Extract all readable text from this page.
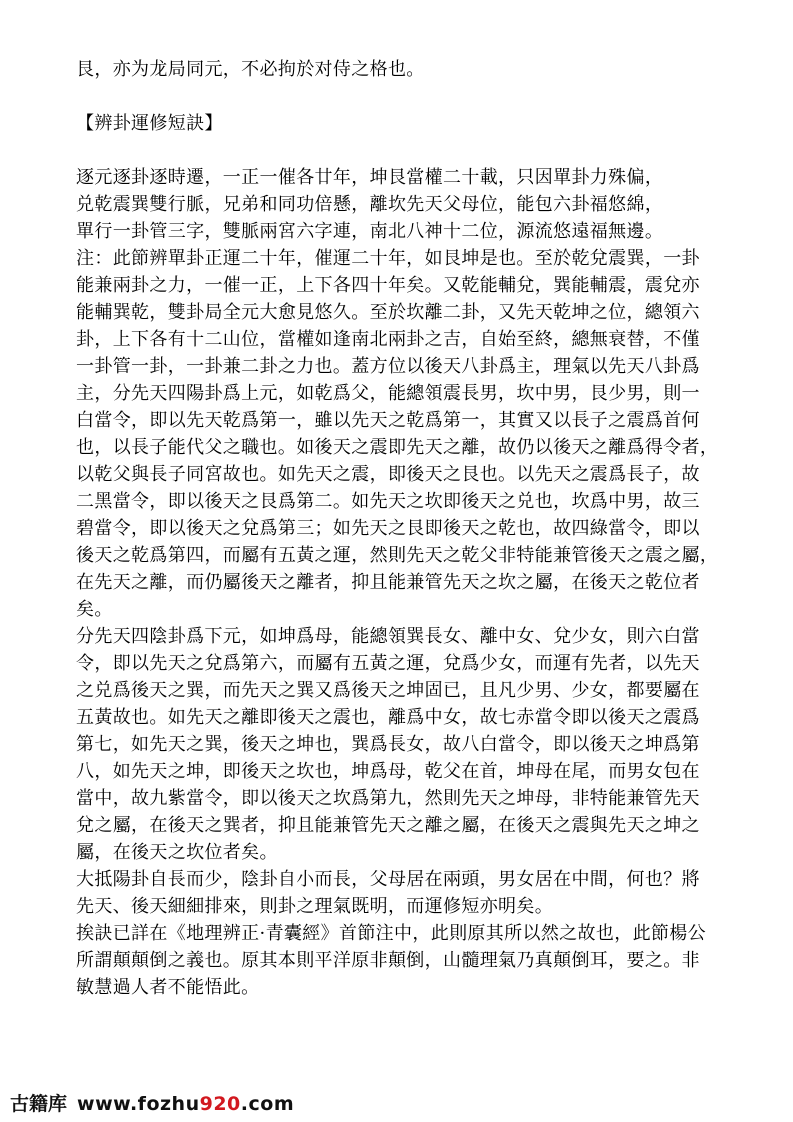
艮，亦为龙局同元，不必拘於对侍之格也。
【辨卦運修短訣】
逐元逐卦逐時遷，一正一催各廿年，坤艮當權二十載，只因單卦力殊偏，
兑乾震巽雙行脈，兄弟和同功倍懸，離坎先天父母位，能包六卦福悠綿，
單行一卦管三字，雙脈兩宮六字連，南北八神十二位，源流悠遠福無邊。
注：此節辨單卦正運二十年，催運二十年，如艮坤是也。至於乾兌震巽，一卦
能兼兩卦之力，一催一正，上下各四十年矣。又乾能輔兌，巽能輔震，震兌亦
能輔巽乾，雙卦局全元大愈見悠久。至於坎離二卦，又先天乾坤之位，總領六
卦，上下各有十二山位，當權如逢南北兩卦之吉，自始至終，總無衰替，不僅
一卦管一卦，一卦兼二卦之力也。蓋方位以後天八卦爲主，理氣以先天八卦爲
主，分先天四陽卦爲上元，如乾爲父，能總領震長男，坎中男，艮少男，則一
白當令，即以先天乾爲第一，雖以先天之乾爲第一，其實又以長子之震爲首何
也，以長子能代父之職也。如後天之震即先天之離，故仍以後天之離爲得令者，
以乾父與長子同宮故也。如先天之震，即後天之艮也。以先天之震爲長子，故
二黑當令，即以後天之艮爲第二。如先天之坎即後天之兑也，坎爲中男，故三
碧當令，即以後天之兌爲第三；如先天之艮即後天之乾也，故四綠當令，即以
後天之乾爲第四，而屬有五黃之運，然則先天之乾父非特能兼管後天之震之屬，
在先天之離，而仍屬後天之離者，抑且能兼管先天之坎之屬，在後天之乾位者
矣。
分先天四陰卦爲下元，如坤爲母，能總領巽長女、離中女、兌少女，則六白當
令，即以先天之兌爲第六，而屬有五黃之運，兌爲少女，而運有先者，以先天
之兑爲後天之巽，而先天之巽又爲後天之坤固已，且凡少男、少女，都要屬在
五黃故也。如先天之離即後天之震也，離爲中女，故七赤當令即以後天之震爲
第七，如先天之巽，後天之坤也，巽爲長女，故八白當令，即以後天之坤爲第
八，如先天之坤，即後天之坎也，坤爲母，乾父在首，坤母在尾，而男女包在
當中，故九紫當令，即以後天之坎爲第九，然則先天之坤母，非特能兼管先天
兌之屬，在後天之巽者，抑且能兼管先天之離之屬，在後天之震與先天之坤之
屬，在後天之坎位者矣。
大抵陽卦自長而少，陰卦自小而長，父母居在兩頭，男女居在中間，何也？將
先天、後天細細排來，則卦之理氣既明，而運修短亦明矣。
挨訣已詳在《地理辨正·青囊經》首節注中，此則原其所以然之故也，此節楊公
所謂顛顛倒之義也。原其本則平洋原非顛倒，山髓理氣乃真顛倒耳，要之。非
敏慧過人者不能悟此。
古籍库 www.fozhu920.com
